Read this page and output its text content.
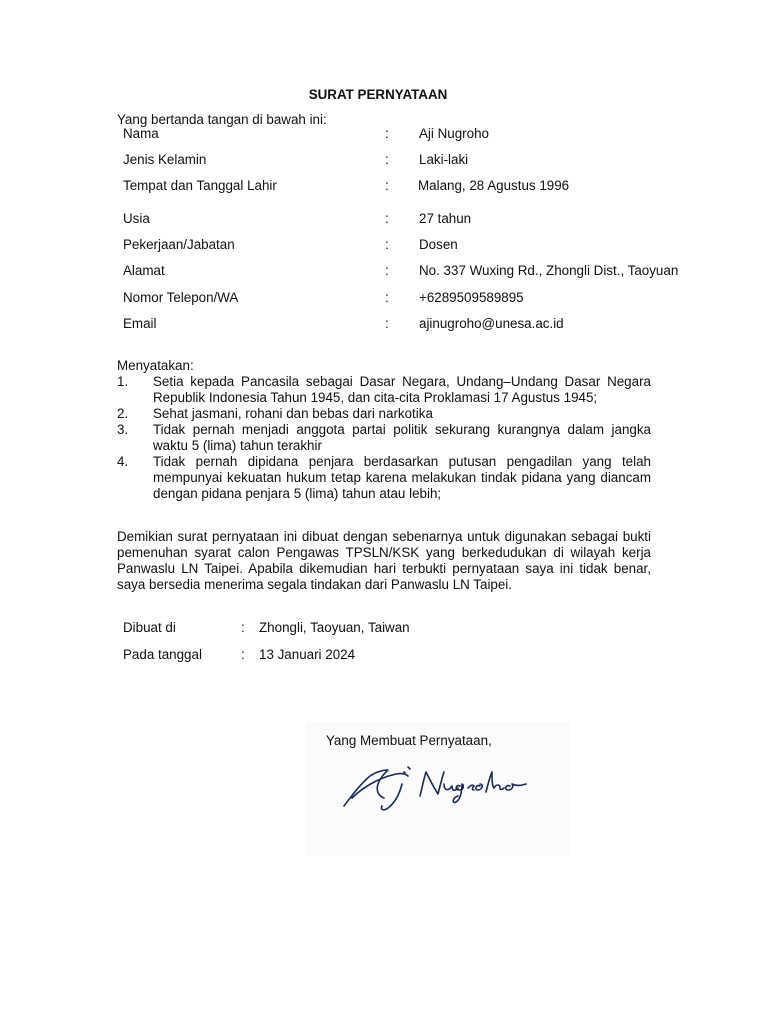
SURAT PERNYATAAN
Yang bertanda tangan di bawah ini:
Nama	: Aji Nugroho
Jenis Kelamin	: Laki-laki
Tempat dan Tanggal Lahir	: Malang, 28 Agustus 1996
Usia	: 27 tahun
Pekerjaan/Jabatan	: Dosen
Alamat	: No. 337 Wuxing Rd., Zhongli Dist., Taoyuan
Nomor Telepon/WA	: +6289509589895
Email	: ajinugroho@unesa.ac.id
Menyatakan:
1.	Setia kepada Pancasila sebagai Dasar Negara, Undang–Undang Dasar Negara Republik Indonesia Tahun 1945, dan cita-cita Proklamasi 17 Agustus 1945;
2.	Sehat jasmani, rohani dan bebas dari narkotika
3.	Tidak pernah menjadi anggota partai politik sekurang kurangnya dalam jangka waktu 5 (lima) tahun terakhir
4.	Tidak pernah dipidana penjara berdasarkan putusan pengadilan yang telah mempunyai kekuatan hukum tetap karena melakukan tindak pidana yang diancam dengan pidana penjara 5 (lima) tahun atau lebih;
Demikian surat pernyataan ini dibuat dengan sebenarnya untuk digunakan sebagai bukti pemenuhan syarat calon Pengawas TPSLN/KSK yang berkedudukan di wilayah kerja Panwaslu LN Taipei. Apabila dikemudian hari terbukti pernyataan saya ini tidak benar, saya bersedia menerima segala tindakan dari Panwaslu LN Taipei.
Dibuat di	: Zhongli, Taoyuan, Taiwan
Pada tanggal	: 13 Januari 2024
Yang Membuat Pernyataan,
